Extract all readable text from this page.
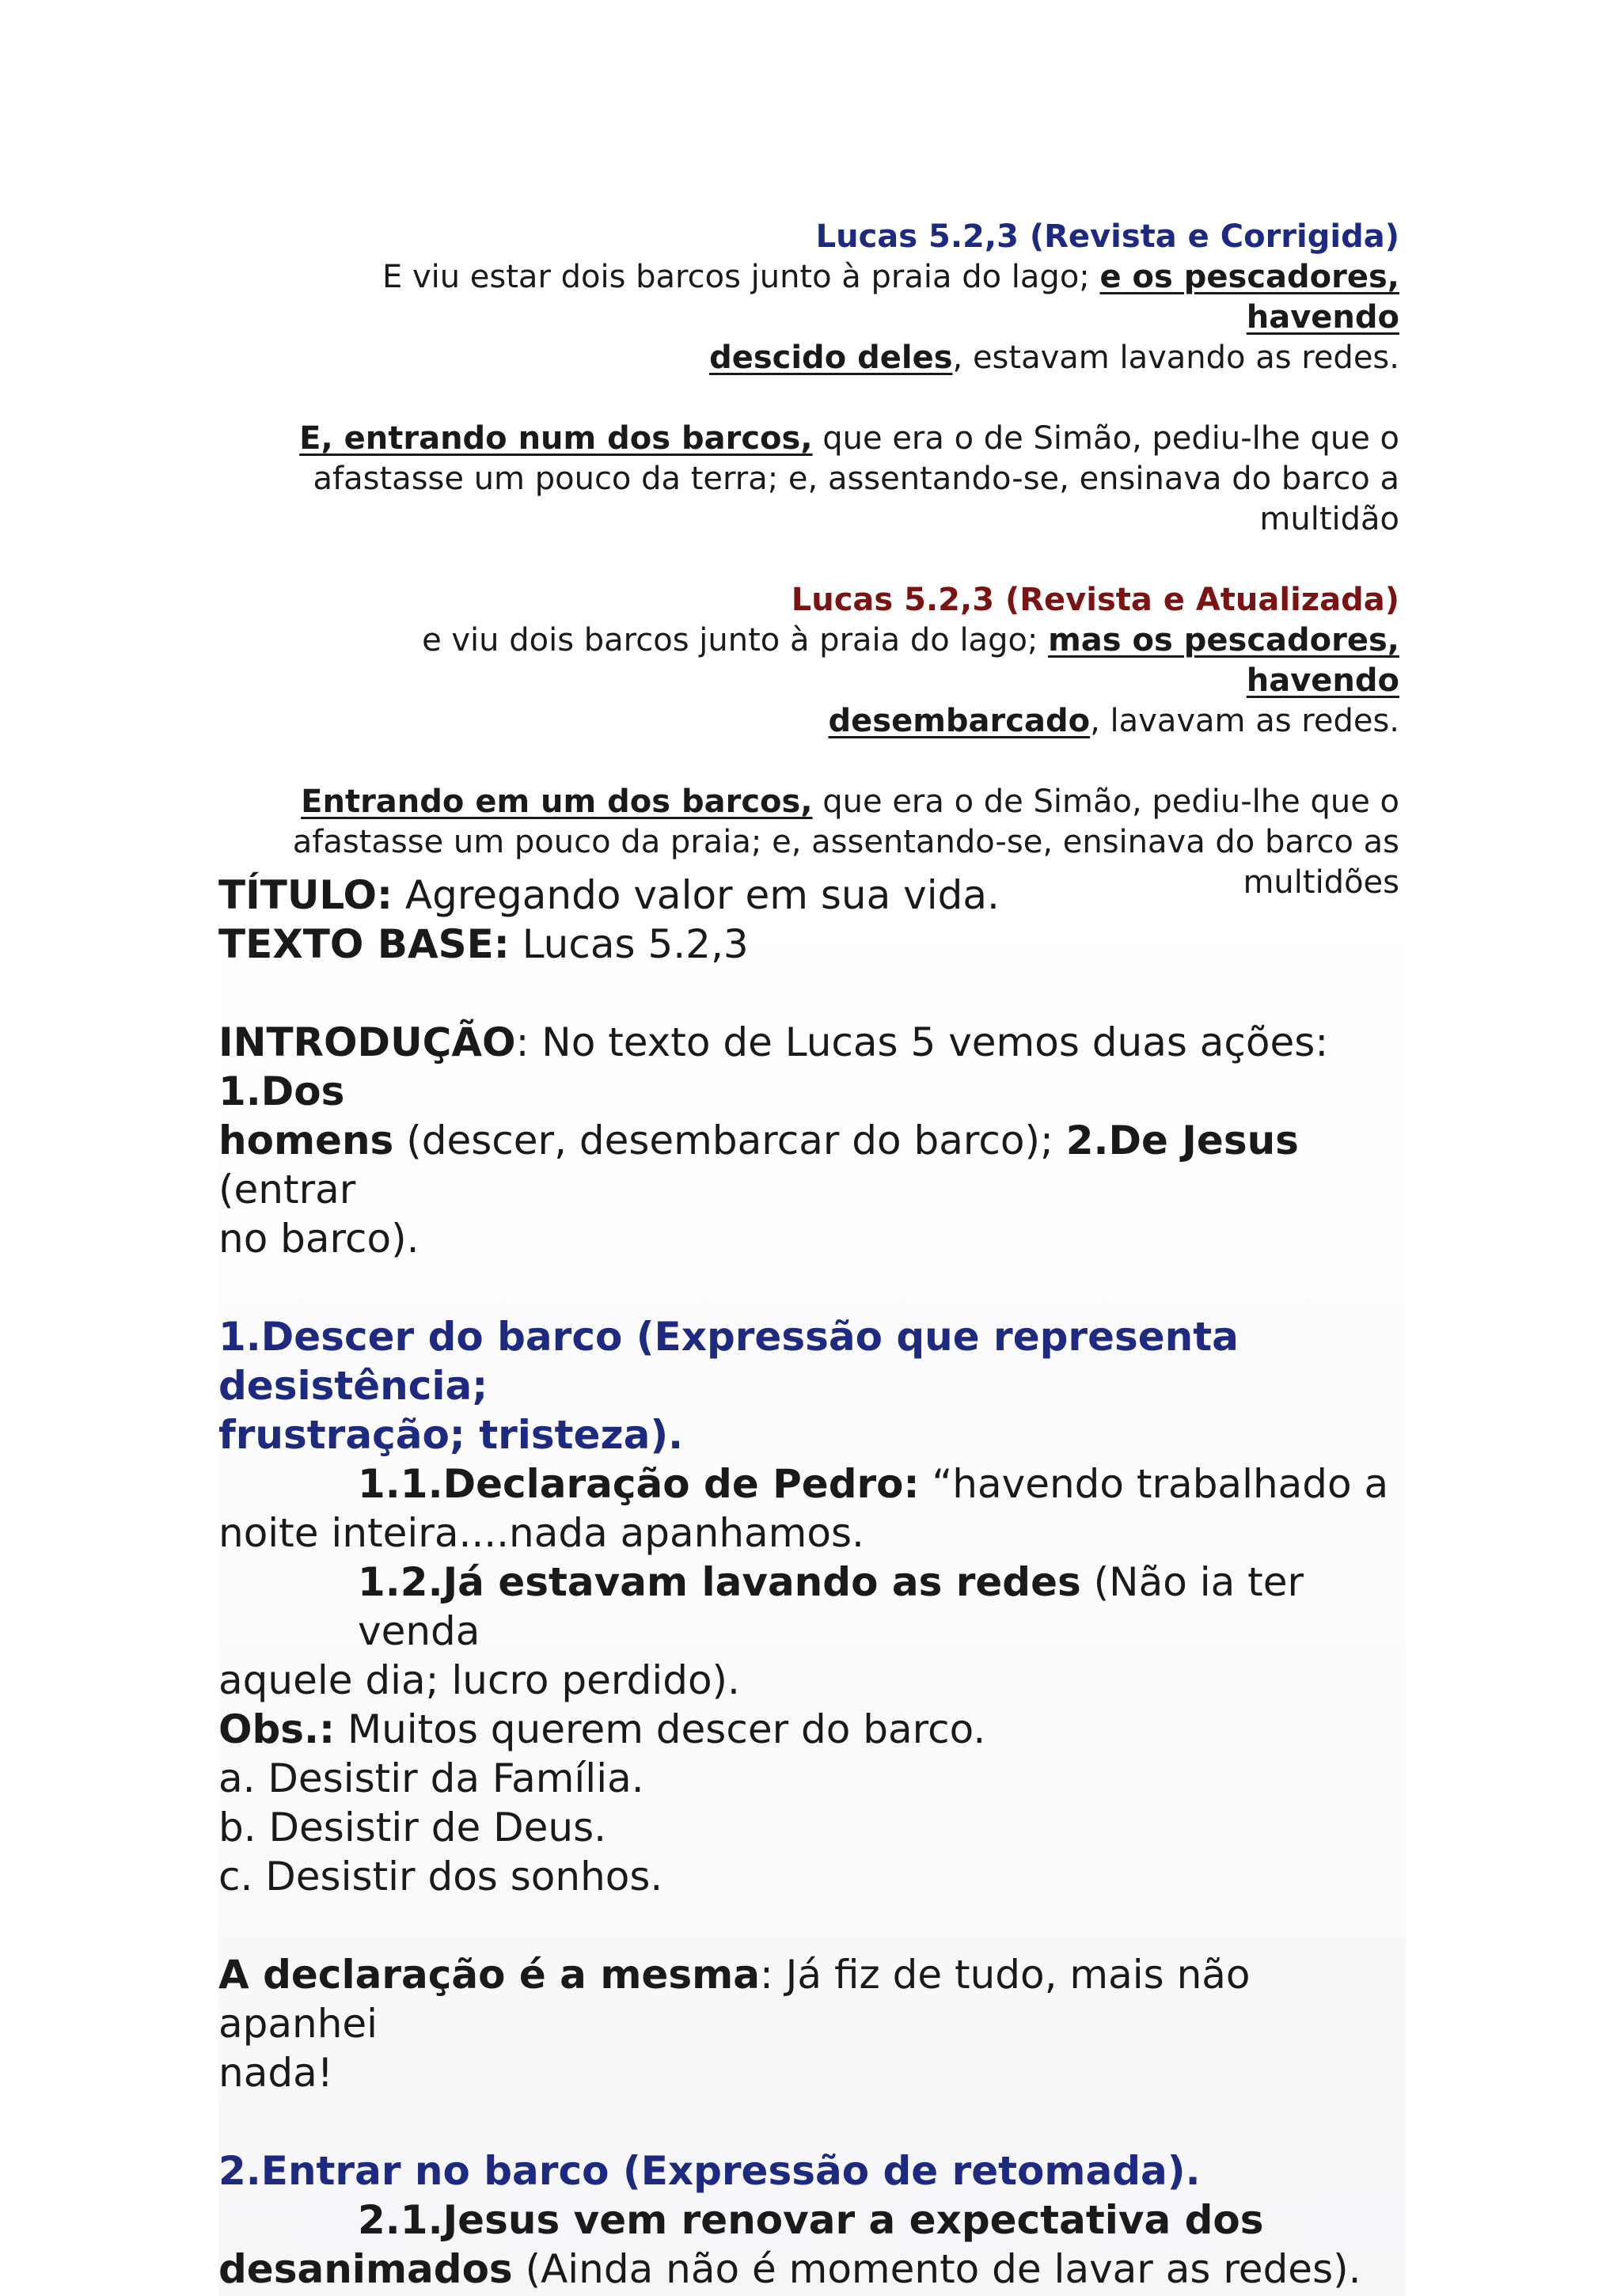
Lucas 5.2,3 (Revista e Corrigida)

E viu estar dois barcos junto à praia do lago; e os pescadores, havendo

descido deles, estavam lavando as redes.

E, entrando num dos barcos, que era o de Simão, pediu-lhe que o

afastasse um pouco da terra; e, assentando-se, ensinava do barco a

multidão

Lucas 5.2,3 (Revista e Atualizada)

e viu dois barcos junto à praia do lago; mas os pescadores, havendo

desembarcado, lavavam as redes.

Entrando em um dos barcos, que era o de Simão, pediu-lhe que o

afastasse um pouco da praia; e, assentando-se, ensinava do barco as

multidões

TÍTULO: Agregando valor em sua vida.

TEXTO BASE: Lucas 5.2,3

INTRODUÇÃO: No texto de Lucas 5 vemos duas ações: 1.Dos

homens (descer, desembarcar do barco); 2.De Jesus (entrar

no barco).

1.Descer do barco (Expressão que representa desistência;

frustração; tristeza).

1.1.Declaração de Pedro: “havendo trabalhado a

noite inteira....nada apanhamos.

1.2.Já estavam lavando as redes (Não ia ter venda

aquele dia; lucro perdido).

Obs.: Muitos querem descer do barco.

a. Desistir da Família.

b. Desistir de Deus.

c. Desistir dos sonhos.

A declaração é a mesma: Já fiz de tudo, mais não apanhei

nada!

2.Entrar no barco (Expressão de retomada).

2.1.Jesus vem renovar a expectativa dos

desanimados (Ainda não é momento de lavar as redes).
